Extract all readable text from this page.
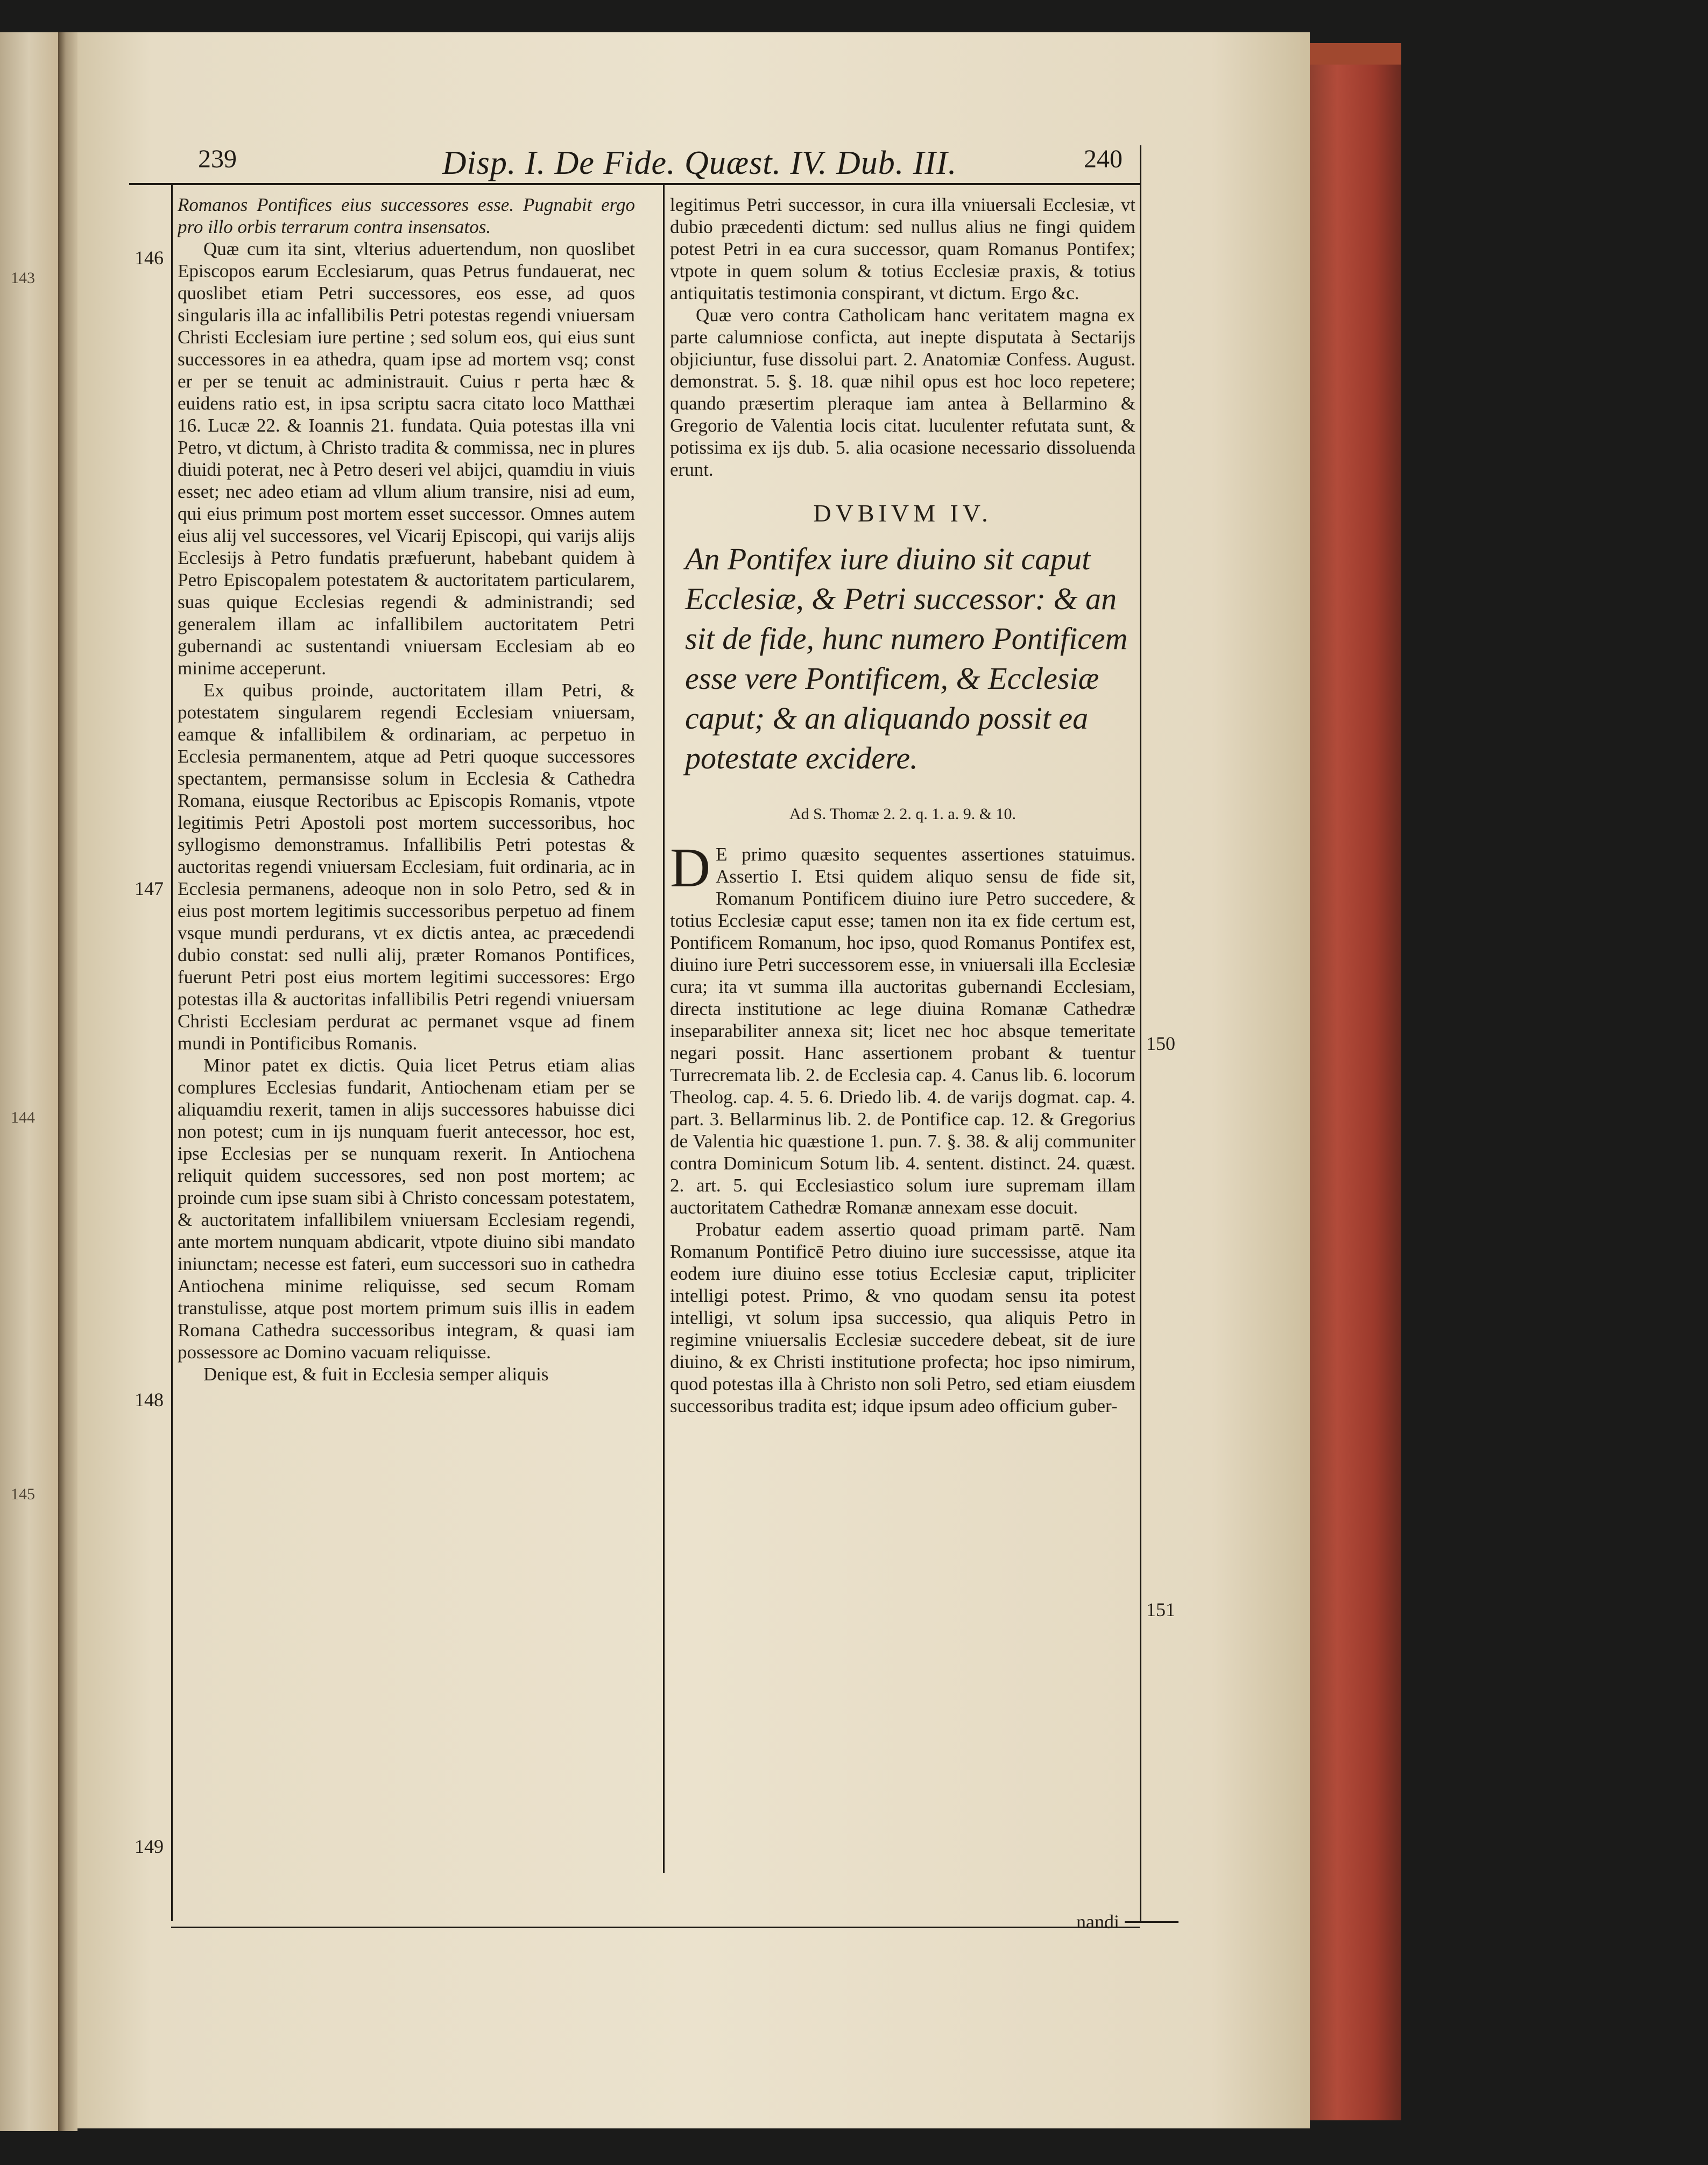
143
144
145
239	Disp. I. De Fide. Quæst. IV. Dub. III.	240
146
147
148
149
150
151

Romanos Pontifices eius successores esse. Pugnabit ergo pro illo orbis terrarum contra insensatos.

Quæ cum ita sint, vlterius aduertendum, non quoslibet Episcopos earum Ecclesiarum, quas Petrus fundauerat, nec quoslibet etiam Petri successores, eos esse, ad quos singularis illa ac infallibilis Petri potestas regendi vniuersam Christi Ecclesiam iure pertine ; sed solum eos, qui eius sunt successores in ea athedra, quam ipse ad mortem vsq; const er per se tenuit ac administrauit. Cuius r perta hæc & euidens ratio est, in ipsa scriptu sacra citato loco Matthæi 16. Lucæ 22. & Ioannis 21. fundata. Quia potestas illa vni Petro, vt dictum, à Christo tradita & commissa, nec in plures diuidi poterat, nec à Petro deseri vel abijci, quamdiu in viuis esset; nec adeo etiam ad vllum alium transire, nisi ad eum, qui eius primum post mortem esset successor. Omnes autem eius alij vel successores, vel Vicarij Episcopi, qui varijs alijs Ecclesijs à Petro fundatis præfuerunt, habebant quidem à Petro Episcopalem potestatem & auctoritatem particularem, suas quique Ecclesias regendi & administrandi; sed generalem illam ac infallibilem auctoritatem Petri gubernandi ac sustentandi vniuersam Ecclesiam ab eo minime acceperunt.

Ex quibus proinde, auctoritatem illam Petri, & potestatem singularem regendi Ecclesiam vniuersam, eamque & infallibilem & ordinariam, ac perpetuo in Ecclesia permanentem, atque ad Petri quoque successores spectantem, permansisse solum in Ecclesia & Cathedra Romana, eiusque Rectoribus ac Episcopis Romanis, vtpote legitimis Petri Apostoli post mortem successoribus, hoc syllogismo demonstramus. Infallibilis Petri potestas & auctoritas regendi vniuersam Ecclesiam, fuit ordinaria, ac in Ecclesia permanens, adeoque non in solo Petro, sed & in eius post mortem legitimis successoribus perpetuo ad finem vsque mundi perdurans, vt ex dictis antea, ac præcedendi dubio constat: sed nulli alij, præter Romanos Pontifices, fuerunt Petri post eius mortem legitimi successores: Ergo potestas illa & auctoritas infallibilis Petri regendi vniuersam Christi Ecclesiam perdurat ac permanet vsque ad finem mundi in Pontificibus Romanis.

Minor patet ex dictis. Quia licet Petrus etiam alias complures Ecclesias fundarit, Antiochenam etiam per se aliquamdiu rexerit, tamen in alijs successores habuisse dici non potest; cum in ijs nunquam fuerit antecessor, hoc est, ipse Ecclesias per se nunquam rexerit. In Antiochena reliquit quidem successores, sed non post mortem; ac proinde cum ipse suam sibi à Christo concessam potestatem, & auctoritatem infallibilem vniuersam Ecclesiam regendi, ante mortem nunquam abdicarit, vtpote diuino sibi mandato iniunctam; necesse est fateri, eum successori suo in cathedra Antiochena minime reliquisse, sed secum Romam transtulisse, atque post mortem primum suis illis in eadem Romana Cathedra successoribus integram, & quasi iam possessore ac Domino vacuam reliquisse.

Denique est, & fuit in Ecclesia semper aliquis

legitimus Petri successor, in cura illa vniuersali Ecclesiæ, vt dubio præcedenti dictum: sed nullus alius ne fingi quidem potest Petri in ea cura successor, quam Romanus Pontifex; vtpote in quem solum & totius Ecclesiæ praxis, & totius antiquitatis testimonia conspirant, vt dictum. Ergo &c.

Quæ vero contra Catholicam hanc veritatem magna ex parte calumniose conficta, aut inepte disputata à Sectarijs objiciuntur, fuse dissolui part. 2. Anatomiæ Confess. August. demonstrat. 5. §. 18. quæ nihil opus est hoc loco repetere; quando præsertim pleraque iam antea à Bellarmino & Gregorio de Valentia locis citat. luculenter refutata sunt, & potissima ex ijs dub. 5. alia ocasione necessario dissoluenda erunt.

DVBIVM IV.
An Pontifex iure diuino sit caput Ecclesiæ, & Petri successor: & an sit de fide, hunc numero Pontificem esse vere Pontificem, & Ecclesiæ caput; & an aliquando possit ea potestate excidere.
Ad S. Thomæ 2. 2. q. 1. a. 9. & 10.

D E primo quæsito sequentes assertiones statuimus. Assertio I. Etsi quidem aliquo sensu de fide sit, Romanum Pontificem diuino iure Petro succedere, & totius Ecclesiæ caput esse; tamen non ita ex fide certum est, Pontificem Romanum, hoc ipso, quod Romanus Pontifex est, diuino iure Petri successorem esse, in vniuersali illa Ecclesiæ cura; ita vt summa illa auctoritas gubernandi Ecclesiam, directa institutione ac lege diuina Romanæ Cathedræ inseparabiliter annexa sit; licet nec hoc absque temeritate negari possit. Hanc assertionem probant & tuentur Turrecremata lib. 2. de Ecclesia cap. 4. Canus lib. 6. locorum Theolog. cap. 4. 5. 6. Driedo lib. 4. de varijs dogmat. cap. 4. part. 3. Bellarminus lib. 2. de Pontifice cap. 12. & Gregorius de Valentia hic quæstione 1. pun. 7. §. 38. & alij communiter contra Dominicum Sotum lib. 4. sentent. distinct. 24. quæst. 2. art. 5. qui Ecclesiastico solum iure supremam illam auctoritatem Cathedræ Romanæ annexam esse docuit.

Probatur eadem assertio quoad primam partē. Nam Romanum Pontificē Petro diuino iure successisse, atque ita eodem iure diuino esse totius Ecclesiæ caput, tripliciter intelligi potest. Primo, & vno quodam sensu ita potest intelligi, vt solum ipsa successio, qua aliquis Petro in regimine vniuersalis Ecclesiæ succedere debeat, sit de iure diuino, & ex Christi institutione profecta; hoc ipso nimirum, quod potestas illa à Christo non soli Petro, sed etiam eiusdem successoribus tradita est; idque ipsum adeo officium guber-

nandi
